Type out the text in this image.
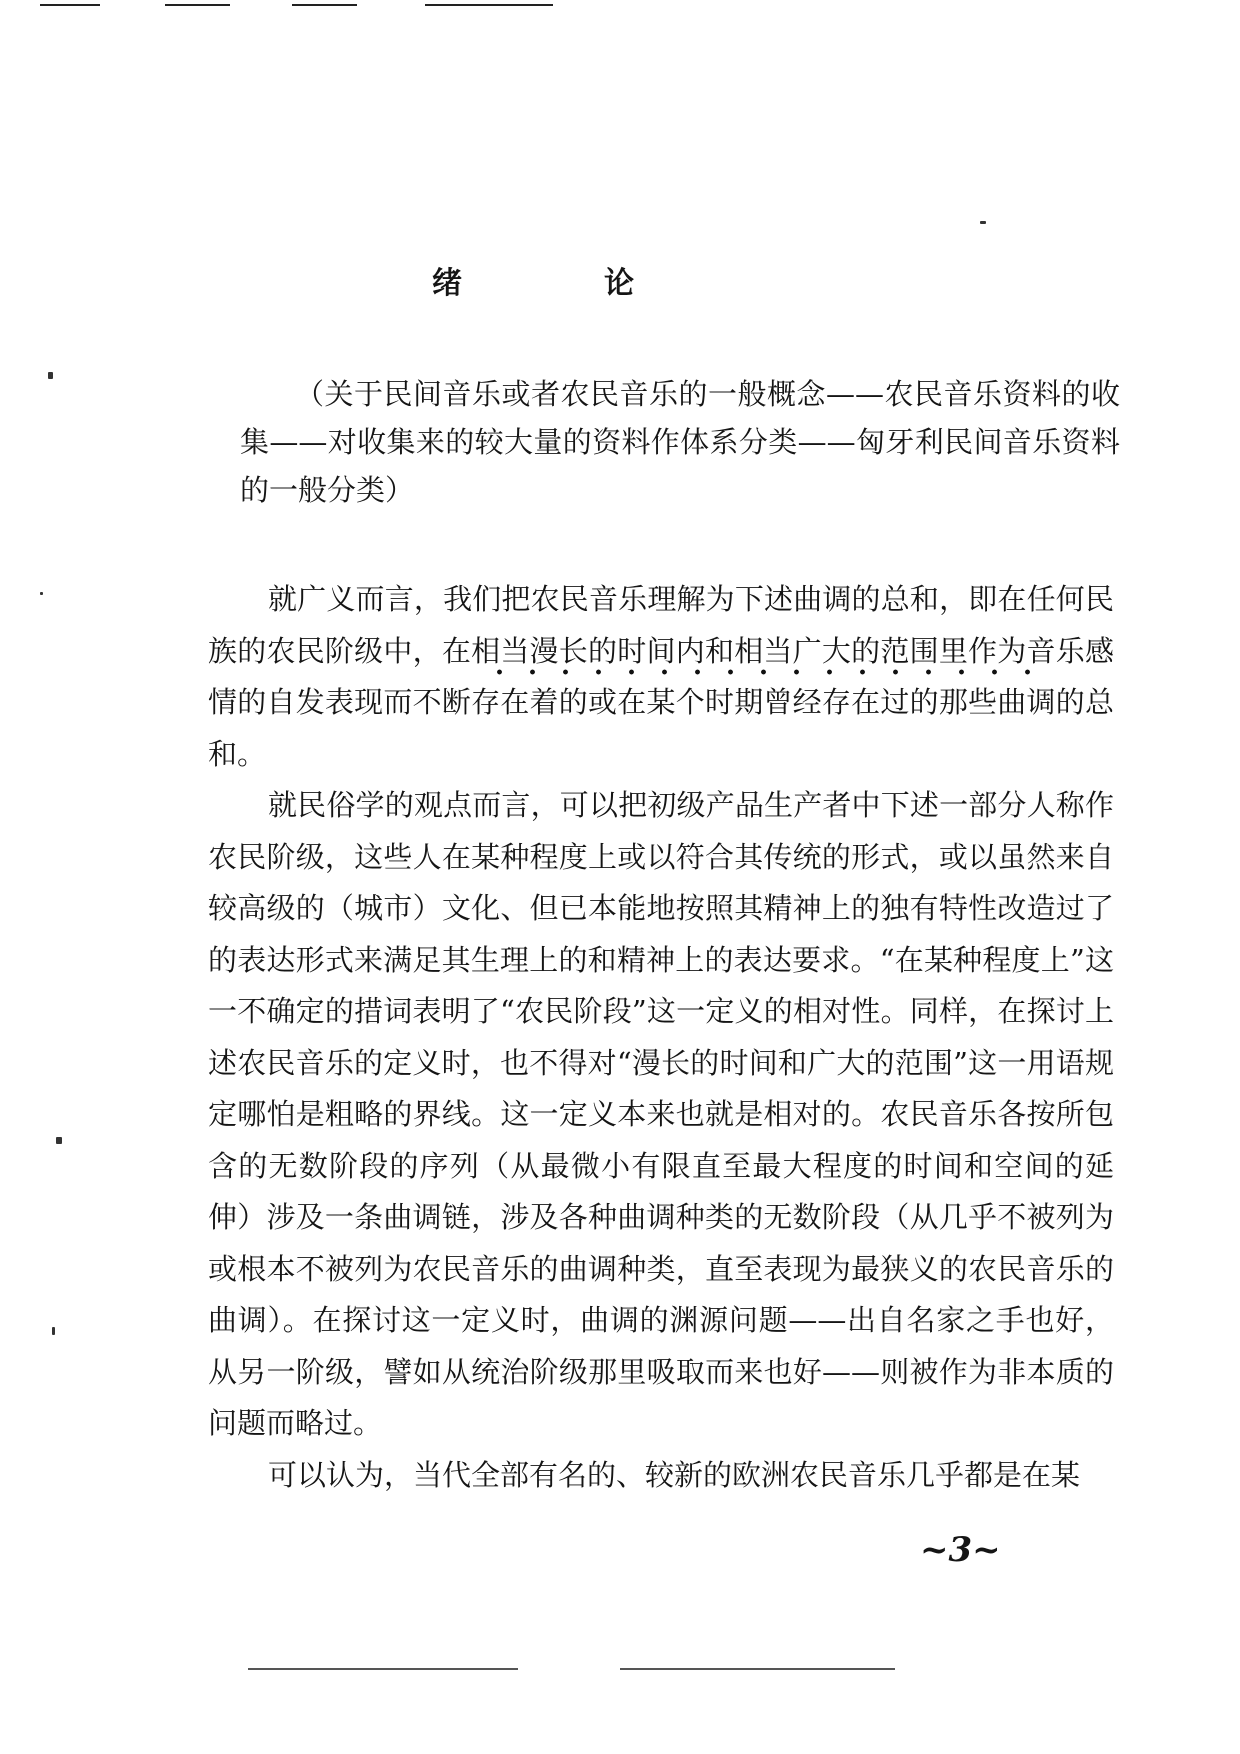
绪	论
（关于民间音乐或者农民音乐的一般概念——农民音乐资料的收集——对收集来的较大量的资料作体系分类——匈牙利民间音乐资料的一般分类）

就广义而言，我们把农民音乐理解为下述曲调的总和，即在任何民族的农民阶级中，在相当漫长的时间内和相当广大的范围里作为音乐感情的自发表现而不断存在着的或在某个时期曾经存在过的那些曲调的总和。

就民俗学的观点而言，可以把初级产品生产者中下述一部分人称作农民阶级，这些人在某种程度上或以符合其传统的形式，或以虽然来自较高级的（城市）文化、但已本能地按照其精神上的独有特性改造过了的表达形式来满足其生理上的和精神上的表达要求。“在某种程度上”这一不确定的措词表明了“农民阶段”这一定义的相对性。同样，在探讨上述农民音乐的定义时，也不得对“漫长的时间和广大的范围”这一用语规定哪怕是粗略的界线。这一定义本来也就是相对的。农民音乐各按所包含的无数阶段的序列（从最微小有限直至最大程度的时间和空间的延伸）涉及一条曲调链，涉及各种曲调种类的无数阶段（从几乎不被列为或根本不被列为农民音乐的曲调种类，直至表现为最狭义的农民音乐的曲调）。在探讨这一定义时，曲调的渊源问题——出自名家之手也好，从另一阶级，譬如从统治阶级那里吸取而来也好——则被作为非本质的问题而略过。

可以认为，当代全部有名的、较新的欧洲农民音乐几乎都是在某

~3~
